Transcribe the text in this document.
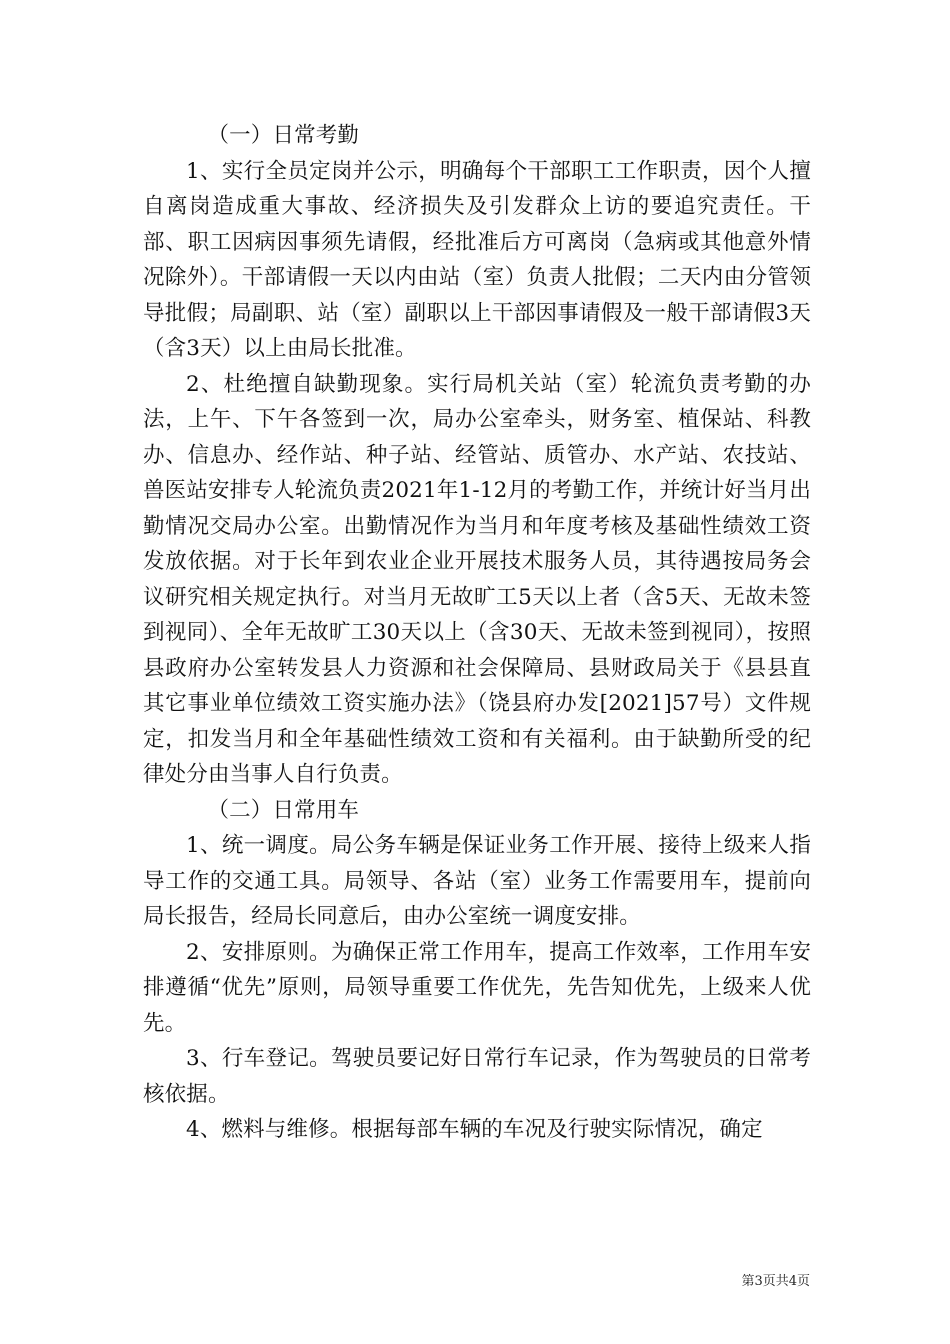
（一）日常考勤

1、实行全员定岗并公示，明确每个干部职工工作职责，因个人擅自离岗造成重大事故、经济损失及引发群众上访的要追究责任。干部、职工因病因事须先请假，经批准后方可离岗（急病或其他意外情况除外）。干部请假一天以内由站（室）负责人批假；二天内由分管领导批假；局副职、站（室）副职以上干部因事请假及一般干部请假3天（含3天）以上由局长批准。

2、杜绝擅自缺勤现象。实行局机关站（室）轮流负责考勤的办法，上午、下午各签到一次，局办公室牵头，财务室、植保站、科教办、信息办、经作站、种子站、经管站、质管办、水产站、农技站、兽医站安排专人轮流负责2021年1-12月的考勤工作，并统计好当月出勤情况交局办公室。出勤情况作为当月和年度考核及基础性绩效工资发放依据。对于长年到农业企业开展技术服务人员，其待遇按局务会议研究相关规定执行。对当月无故旷工5天以上者（含5天、无故未签到视同）、全年无故旷工30天以上（含30天、无故未签到视同），按照县政府办公室转发县人力资源和社会保障局、县财政局关于《县县直其它事业单位绩效工资实施办法》（饶县府办发[2021]57号）文件规定，扣发当月和全年基础性绩效工资和有关福利。由于缺勤所受的纪律处分由当事人自行负责。

（二）日常用车

1、统一调度。局公务车辆是保证业务工作开展、接待上级来人指导工作的交通工具。局领导、各站（室）业务工作需要用车，提前向局长报告，经局长同意后，由办公室统一调度安排。

2、安排原则。为确保正常工作用车，提高工作效率，工作用车安排遵循“优先”原则，局领导重要工作优先，先告知优先，上级来人优先。

3、行车登记。驾驶员要记好日常行车记录，作为驾驶员的日常考核依据。

4、燃料与维修。根据每部车辆的车况及行驶实际情况，确定

第3页共4页
